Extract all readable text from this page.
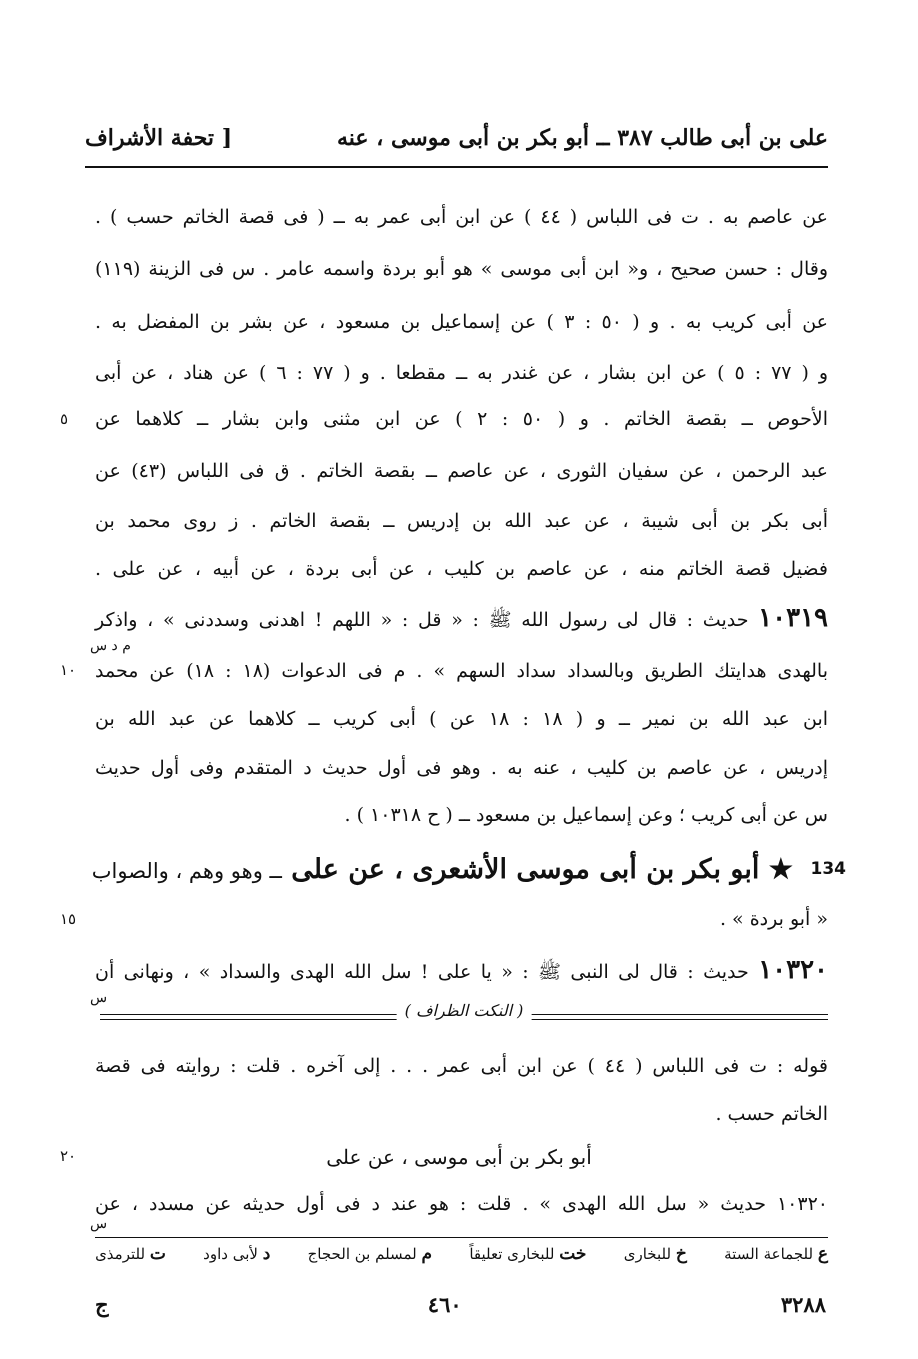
على بن أبى طالب ٣٨٧ ــ أبو بكر بن أبى موسى ، عنه
[ تحفة الأشراف
عن عاصم به . ت فى اللباس ( ٤٤ ) عن ابن أبى عمر به ــ ( فى قصة الخاتم حسب ) .
وقال : حسن صحيح ، و« ابن أبى موسى » هو أبو بردة واسمه عامر . س فى الزينة (١١٩)
عن أبى كريب به . و ( ٥٠ : ٣ ) عن إسماعيل بن مسعود ، عن بشر بن المفضل به .
و ( ٧٧ : ٥ ) عن ابن بشار ، عن غندر به ــ مقطعا . و ( ٧٧ : ٦ ) عن هناد ، عن أبى
الأحوص ــ بقصة الخاتم . و ( ٥٠ : ٢ ) عن ابن مثنى وابن بشار ــ كلاهما عن
٥
عبد الرحمن ، عن سفيان الثورى ، عن عاصم ــ بقصة الخاتم . ق فى اللباس (٤٣) عن
أبى بكر بن أبى شيبة ، عن عبد الله بن إدريس ــ بقصة الخاتم . ز روى محمد بن
فضيل قصة الخاتم منه ، عن عاصم بن كليب ، عن أبى بردة ، عن أبيه ، عن على .
١٠٣١٩ حديث : قال لى رسول الله ﷺ : « قل : « اللهم ! اهدنى وسددنى » ، واذكر
م د س
بالهدى هدايتك الطريق وبالسداد سداد السهم » . م فى الدعوات (١٨ : ١٨) عن محمد
١٠
ابن عبد الله بن نمير ــ و ( ١٨ : ١٨ عن ) أبى كريب ــ كلاهما عن عبد الله بن
إدريس ، عن عاصم بن كليب ، عنه به . وهو فى أول حديث د المتقدم وفى أول حديث
س عن أبى كريب ؛ وعن إسماعيل بن مسعود ــ ( ح ١٠٣١٨ ) .
134
★ أبو بكر بن أبى موسى الأشعرى ، عن على ــ وهو وهم ، والصواب
« أبو بردة » .
١٥
١٠٣٢٠ حديث : قال لى النبى ﷺ : « يا على ! سل الله الهدى والسداد » ، ونهانى أن
س
( النكت الظراف )
قوله : ت فى اللباس ( ٤٤ ) عن ابن أبى عمر . . . إلى آخره . قلت : روايته فى قصة
الخاتم حسب .
أبو بكر بن أبى موسى ، عن على
٢٠
١٠٣٢٠ حديث « سل الله الهدى » . قلت : هو عند د فى أول حديثه عن مسدد ، عن
س
ع للجماعة الستة
خ للبخارى
خت للبخارى تعليقاً
م لمسلم بن الحجاج
د لأبى داود
ت للترمذى
٣٢٨٨
٤٦٠
ج
